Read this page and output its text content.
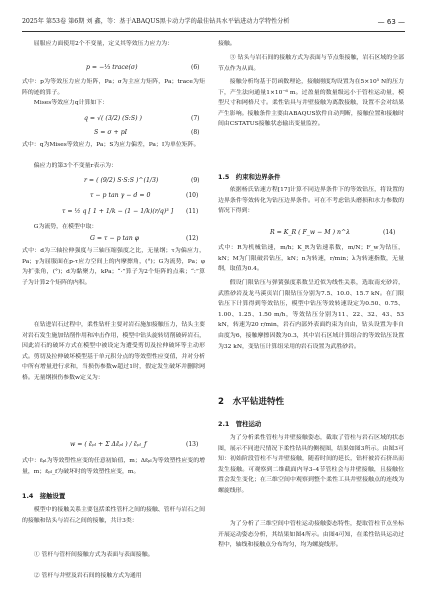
2025年 第53卷 第6期 刘 鑫，等：基于ABAQUS黑卡动力学的最佳钻具水平钻进动力学特性分析	— 63 —

屈服应力面使用2个不变量，定义其等效压力应力为：

p = −⅓ trace(σ)	(6)

式中：p为等效压力应力矩阵，Pa；σ为主应力矩阵，Pa；trace为矩阵的迹的算子。

Mises等效应力q计算如下：

q = √( (3/2) (S:S) )	(7)
S = σ + pI	(8)

式中：q为Mises等效应力，Pa；S为应力偏差，Pa；I为单位矩阵。

偏应力的第3个不变量r表示为：

r = ( (9/2) S·S:S )^(1/3)	(9)
τ − p tan γ − d = 0	(10)
τ = ½ q [ 1 + 1/k − (1 − 1/k)(r/q)³ ] (11)

G为流势，在模型中取：

G = τ − p tan φ	(12)

式中：d为三轴拉伸强度与三轴压缩强度之比，无量纲；τ为偏应力，Pa；γ为屈服面在p-τ应力空间上的内摩擦角，(°)；G为流势，Pa；φ为扩张角，(°)；d为黏聚力，kPa；“·”算子为2个矩阵的点乘；“:”算子为计算2个矩阵的内积。

在钻进岩石过程中，柔性钻杆主要对岩石施加接触压力，钻头主要对岩石发生施加钻削作用和冲击作用，模型中钻头旋转切削破碎岩石，因此岩石的破坏方式在模型中被设定为遭受剪切及拉伸破坏等主动形式。剪切及拉伸破坏模型基于单元积分点的等效塑性应变值，并对分析中所有增量进行求和，当损伤参数w超过1时，假定发生破坏并删除网格。无量纲损伤参数w定义为：

w = ( ε̄ₚₗ + Σ Δε̄ₚₗ ) / ε̄ₚₗ_f	(13)

式中：ε̄ₚₗ为等效塑性应变的任意初始值，m；Δε̄ₚₗ为等效塑性应变的增量，m；ε̄ₚₗ_f为破坏时的等效塑性应变，m。

1.4　接触设置

模型中的接触关系主要包括柔性管杆之间的接触、管杆与岩石之间的接触和钻头与岩石之间的接触，共计3类：

① 管杆与管杆间接触方式为表面与表面接触。

② 管杆与井壁及岩石间的接触方式为通用

接触。

③ 钻头与岩石间的接触方式为表面与节点集接触，岩石区域的全部节点作为从面。

接触分析均基于罚函数理论，接触刚度均设置为在5×10⁵ N的压力下，产生法向通量1×10⁻⁶ m。过盈量的数量级远小于管柱运动量，模型尺寸和网格尺寸。柔性钻具与井壁接触为离散接触，设置不会对结果产生影响。接触条件主要由ABAQUS软件自动判断，接触位置和接触时间由CSTATUS接触状态输出变量监控。

1.5　约束和边界条件

依据杨氏钻速方程[17]计算不同边界条件下的等效钻压，将设置的边界条件等效转化为钻压边界条件。可在不考虑钻头磨损和水力参数的情况下得到：

R = K_R ( F_w − M ) n^λ	(14)

式中：R为机械钻速，m/h；K_R为钻速系数，m/N；F_w为钻压，kN；M为门限破岩钻压，kN；n为转速，r/min；λ为转速指数，无量纲，取值为0.4。

假设门限钻压与弹簧强度系数呈近似为线性关系，选取南充砂岩，武胜砂岩及龙马溪页岩门限钻压分别为7.5、10.0、15.7 kN。在门限钻压下计算得到等效钻压，模型中钻压等效转速设定为0.50、0.75、1.00、1.25、1.50 m/h，等效钻压分别为11、22、32、43、53 kN，转速为20 r/min，岩石内部外表面约束为自由，钻头设置为非自由度为6，接触摩擦因数为0.3，其中岩石区域计算组合的等效钻压设置为32 kN，变钻压计算组采用的岩石设置为武胜砂岩。

2　水平钻进特性
2.1　管柱运动

为了分析柔性管柱与井壁接触姿态，截取了管柱与岩石区域的状态图，展示不同进尺情况下柔性钻具的侧视图，结果如图3所示。由图3可知：初始阶段管柱不与井壁接触，随着时间的延长，钻杆被岩石挤出而发生接触。可观察到二维截面内导3–4节管柱会与井壁接触，且接触位置会发生变化；在三维空间中观察到整个柔性工具井壁接触点的连线为螺旋线形。

为了分析了三维空间中管柱运动接触姿态特性，提取管柱节点坐标开展运动姿态分析，其结果如图4所示。由图4可知，在柔性钻具运动过程中，轴线和接触点分布均匀，均为螺旋线形。
